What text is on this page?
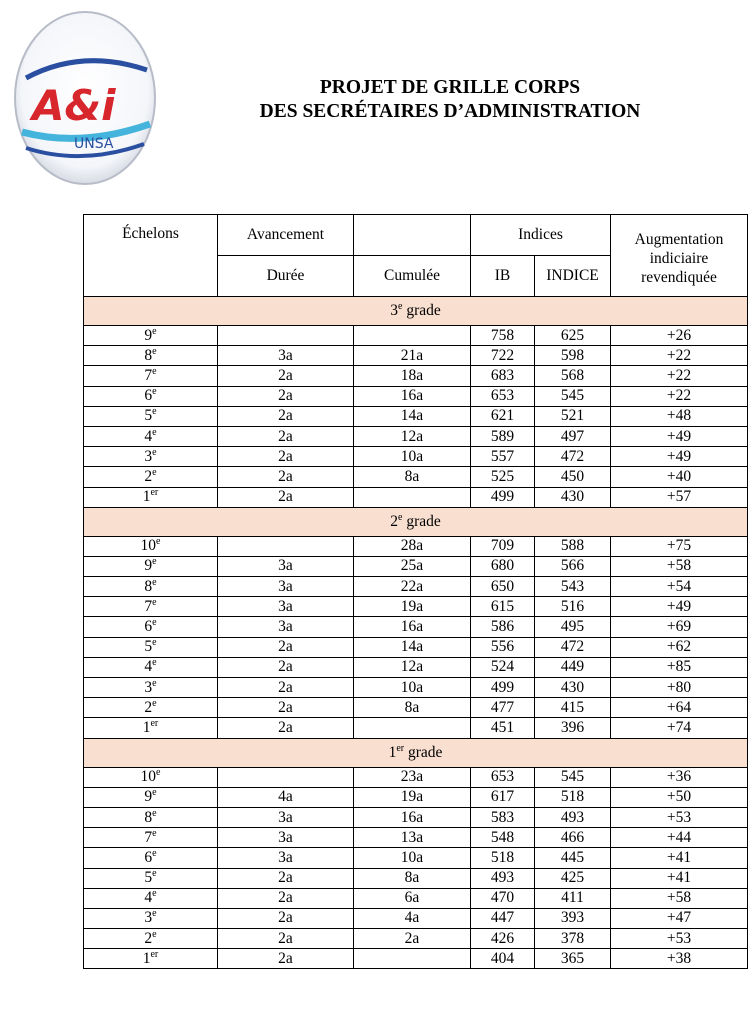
A&i
UNSA
PROJET DE GRILLE CORPS
DES SECRÉTAIRES D’ADMINISTRATION
Échelons	Avancement		Indices		Augmentation
indiciaire
revendiquée

	Durée	Cumulée	IB	INDICE	
3e grade					
9e			758	625	+26
8e	3a	21a	722	598	+22
7e	2a	18a	683	568	+22
6e	2a	16a	653	545	+22
5e	2a	14a	621	521	+48
4e	2a	12a	589	497	+49
3e	2a	10a	557	472	+49
2e	2a	8a	525	450	+40
1er	2a		499	430	+57
2e grade					
10e		28a	709	588	+75
9e	3a	25a	680	566	+58
8e	3a	22a	650	543	+54
7e	3a	19a	615	516	+49
6e	3a	16a	586	495	+69
5e	2a	14a	556	472	+62
4e	2a	12a	524	449	+85
3e	2a	10a	499	430	+80
2e	2a	8a	477	415	+64
1er	2a		451	396	+74
1er grade					
10e		23a	653	545	+36
9e	4a	19a	617	518	+50
8e	3a	16a	583	493	+53
7e	3a	13a	548	466	+44
6e	3a	10a	518	445	+41
5e	2a	8a	493	425	+41
4e	2a	6a	470	411	+58
3e	2a	4a	447	393	+47
2e	2a	2a	426	378	+53
1er	2a		404	365	+38
